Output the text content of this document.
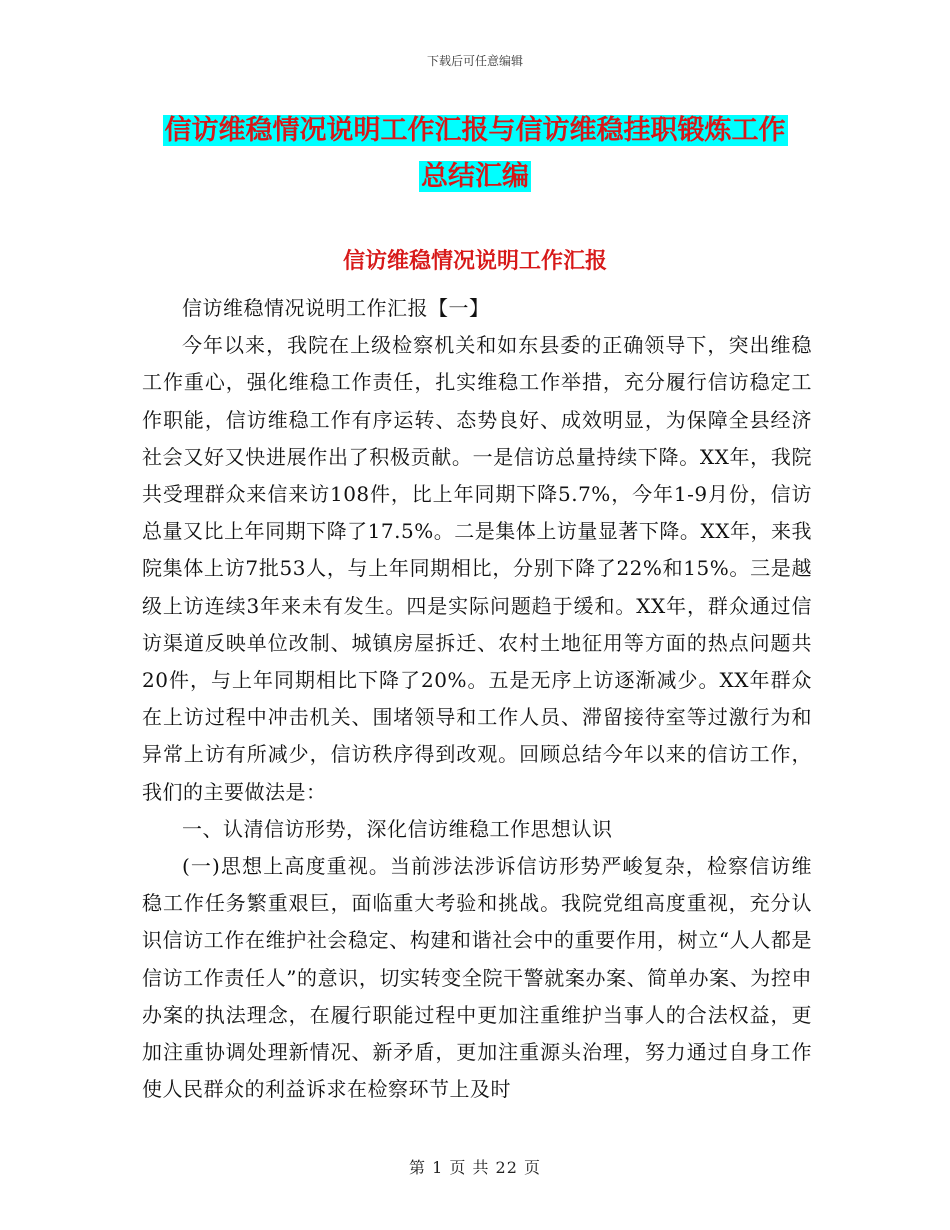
下载后可任意编辑
信访维稳情况说明工作汇报与信访维稳挂职锻炼工作
总结汇编
信访维稳情况说明工作汇报

信访维稳情况说明工作汇报【一】

今年以来，我院在上级检察机关和如东县委的正确领导下，突出维稳工作重心，强化维稳工作责任，扎实维稳工作举措，充分履行信访稳定工作职能，信访维稳工作有序运转、态势良好、成效明显，为保障全县经济社会又好又快进展作出了积极贡献。一是信访总量持续下降。XX年，我院共受理群众来信来访108件，比上年同期下降5.7%，今年1-9月份，信访总量又比上年同期下降了17.5%。二是集体上访量显著下降。XX年，来我院集体上访7批53人，与上年同期相比，分别下降了22%和15%。三是越级上访连续3年来未有发生。四是实际问题趋于缓和。XX年，群众通过信访渠道反映单位改制、城镇房屋拆迁、农村土地征用等方面的热点问题共20件，与上年同期相比下降了20%。五是无序上访逐渐减少。XX年群众在上访过程中冲击机关、围堵领导和工作人员、滞留接待室等过激行为和异常上访有所减少，信访秩序得到改观。回顾总结今年以来的信访工作，我们的主要做法是：

一、认清信访形势，深化信访维稳工作思想认识

(一)思想上高度重视。当前涉法涉诉信访形势严峻复杂，检察信访维稳工作任务繁重艰巨，面临重大考验和挑战。我院党组高度重视，充分认识信访工作在维护社会稳定、构建和谐社会中的重要作用，树立“人人都是信访工作责任人”的意识，切实转变全院干警就案办案、简单办案、为控申办案的执法理念，在履行职能过程中更加注重维护当事人的合法权益，更加注重协调处理新情况、新矛盾，更加注重源头治理，努力通过自身工作使人民群众的利益诉求在检察环节上及时

第 1 页 共 22 页
